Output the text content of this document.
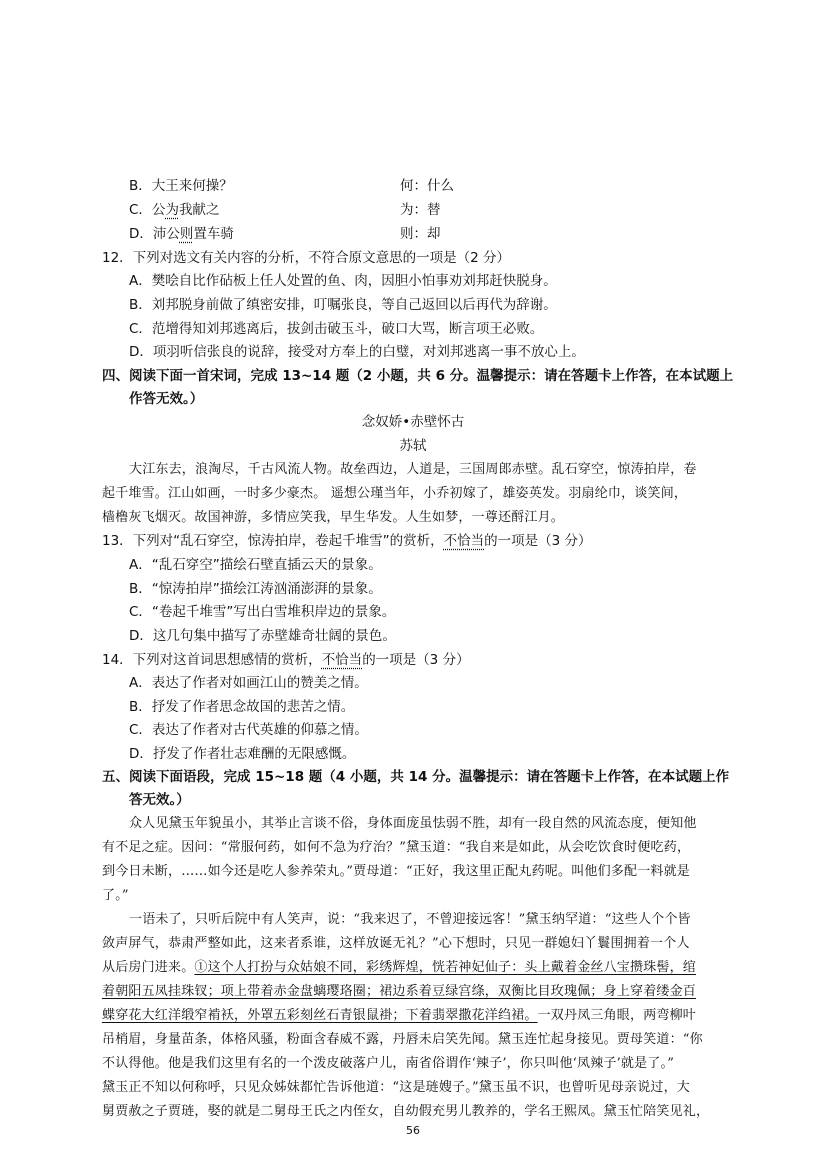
B．大王来何操？	何：什么
C．公为我献之	为：替
D．沛公则置车骑	则：却
12．下列对选文有关内容的分析，不符合原文意思的一项是（2 分）
A．樊哙自比作砧板上任人处置的鱼、肉，因胆小怕事劝刘邦赶快脱身。
B．刘邦脱身前做了缜密安排，叮嘱张良，等自己返回以后再代为辞谢。
C．范增得知刘邦逃离后，拔剑击破玉斗，破口大骂，断言项王必败。
D．项羽听信张良的说辞，接受对方奉上的白璧，对刘邦逃离一事不放心上。
四、阅读下面一首宋词，完成 13~14 题（2 小题，共 6 分。温馨提示：请在答题卡上作答，在本试题上
作答无效。）
念奴娇•赤壁怀古
苏轼
大江东去，浪淘尽，千古风流人物。故垒西边，人道是，三国周郎赤壁。乱石穿空，惊涛拍岸，卷
起千堆雪。江山如画，一时多少豪杰。 遥想公瑾当年，小乔初嫁了，雄姿英发。羽扇纶巾，谈笑间，
樯橹灰飞烟灭。故国神游，多情应笑我，早生华发。人生如梦，一尊还酹江月。
13．下列对“乱石穿空，惊涛拍岸，卷起千堆雪”的赏析，不恰当的一项是（3 分）
A．“乱石穿空”描绘石壁直插云天的景象。
B．“惊涛拍岸”描绘江涛汹涌澎湃的景象。
C．“卷起千堆雪”写出白雪堆积岸边的景象。
D．这几句集中描写了赤壁雄奇壮阔的景色。
14．下列对这首词思想感情的赏析，不恰当的一项是（3 分）
A．表达了作者对如画江山的赞美之情。
B．抒发了作者思念故国的悲苦之情。
C．表达了作者对古代英雄的仰慕之情。
D．抒发了作者壮志难酬的无限感慨。
五、阅读下面语段，完成 15~18 题（4 小题，共 14 分。温馨提示：请在答题卡上作答，在本试题上作
答无效。）
众人见黛玉年貌虽小，其举止言谈不俗，身体面庞虽怯弱不胜，却有一段自然的风流态度，便知他
有不足之症。因问：“常服何药，如何不急为疗治？”黛玉道：“我自来是如此，从会吃饮食时便吃药，
到今日未断，……如今还是吃人参养荣丸。”贾母道：“正好，我这里正配丸药呢。叫他们多配一料就是
了。”
一语未了，只听后院中有人笑声，说：“我来迟了，不曾迎接远客！”黛玉纳罕道：“这些人个个皆
敛声屏气，恭肃严整如此，这来者系谁，这样放诞无礼？”心下想时，只见一群媳妇丫鬟围拥着一个人
从后房门进来。①这个人打扮与众姑娘不同，彩绣辉煌，恍若神妃仙子：头上戴着金丝八宝攒珠髻，绾
着朝阳五凤挂珠钗；项上带着赤金盘螭璎珞圈；裙边系着豆绿宫绦，双衡比目玫瑰佩；身上穿着缕金百
蝶穿花大红洋缎窄褃袄，外罩五彩刻丝石青银鼠褂；下着翡翠撒花洋绉裙。一双丹凤三角眼，两弯柳叶
吊梢眉，身量苗条，体格风骚，粉面含春威不露，丹唇未启笑先闻。黛玉连忙起身接见。贾母笑道：“你
不认得他。他是我们这里有名的一个泼皮破落户儿，南省俗谓作‘辣子’，你只叫他‘凤辣子’就是了。”
黛玉正不知以何称呼，只见众姊妹都忙告诉他道：“这是琏嫂子。”黛玉虽不识，也曾听见母亲说过，大
舅贾赦之子贾琏，娶的就是二舅母王氏之内侄女，自幼假充男儿教养的，学名王熙凤。黛玉忙陪笑见礼，
56
